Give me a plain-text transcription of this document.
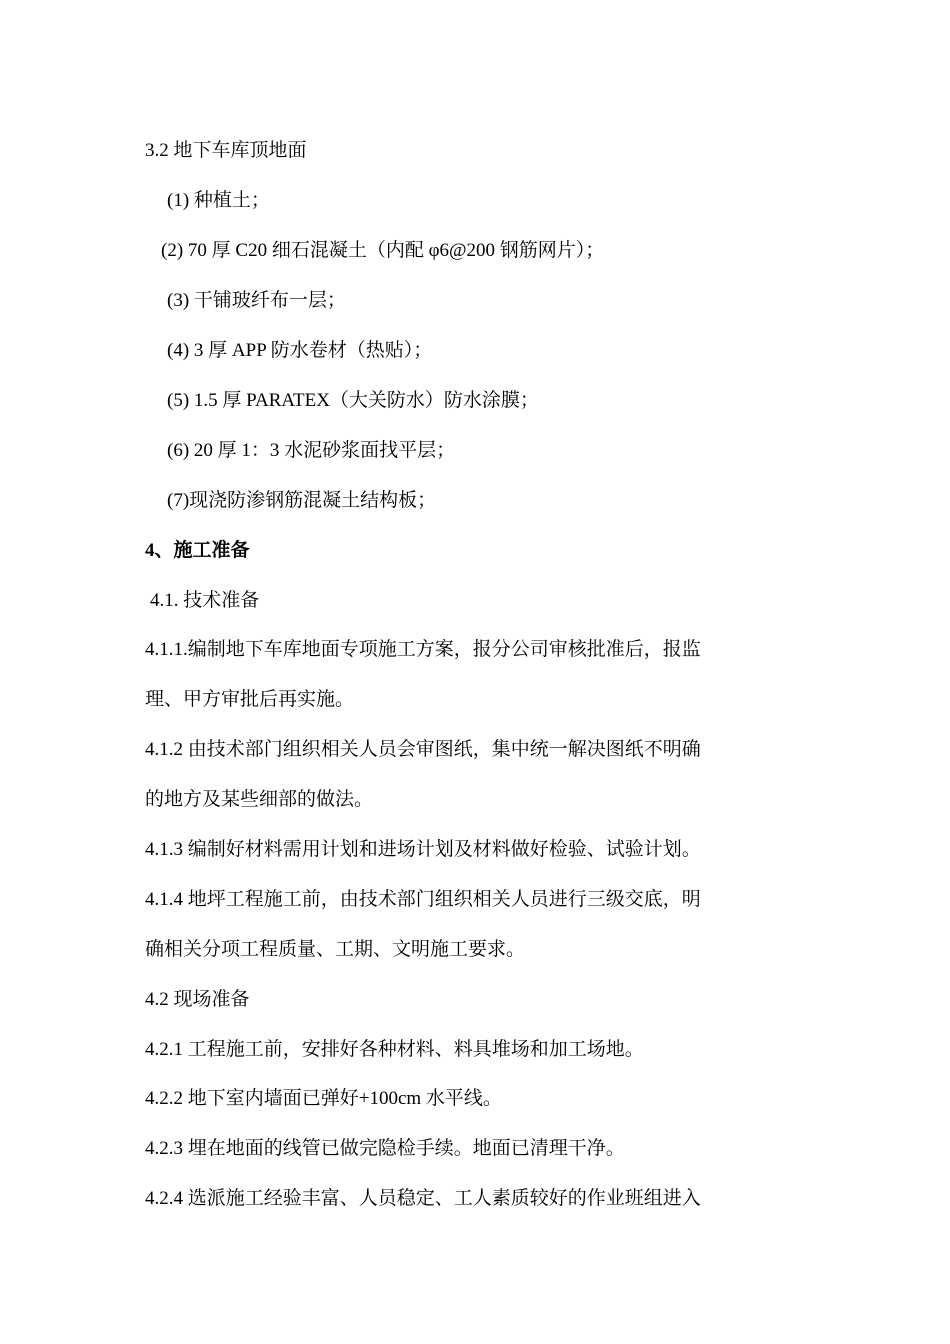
3.2 地下车库顶地面
(1) 种植土；
(2) 70 厚 C20 细石混凝土（内配 φ6@200 钢筋网片）；
(3) 干铺玻纤布一层；
(4) 3 厚 APP 防水卷材（热贴）；
(5) 1.5 厚 PARATEX（大关防水）防水涂膜；
(6) 20 厚 1：3 水泥砂浆面找平层；
(7)现浇防渗钢筋混凝土结构板；
4、施工准备
4.1. 技术准备
4.1.1.编制地下车库地面专项施工方案，报分公司审核批准后，报监
理、甲方审批后再实施。
4.1.2 由技术部门组织相关人员会审图纸，集中统一解决图纸不明确
的地方及某些细部的做法。
4.1.3 编制好材料需用计划和进场计划及材料做好检验、试验计划。
4.1.4 地坪工程施工前，由技术部门组织相关人员进行三级交底，明
确相关分项工程质量、工期、文明施工要求。
4.2 现场准备
4.2.1 工程施工前，安排好各种材料、料具堆场和加工场地。
4.2.2 地下室内墙面已弹好+100cm 水平线。
4.2.3 埋在地面的线管已做完隐检手续。地面已清理干净。
4.2.4 选派施工经验丰富、人员稳定、工人素质较好的作业班组进入
